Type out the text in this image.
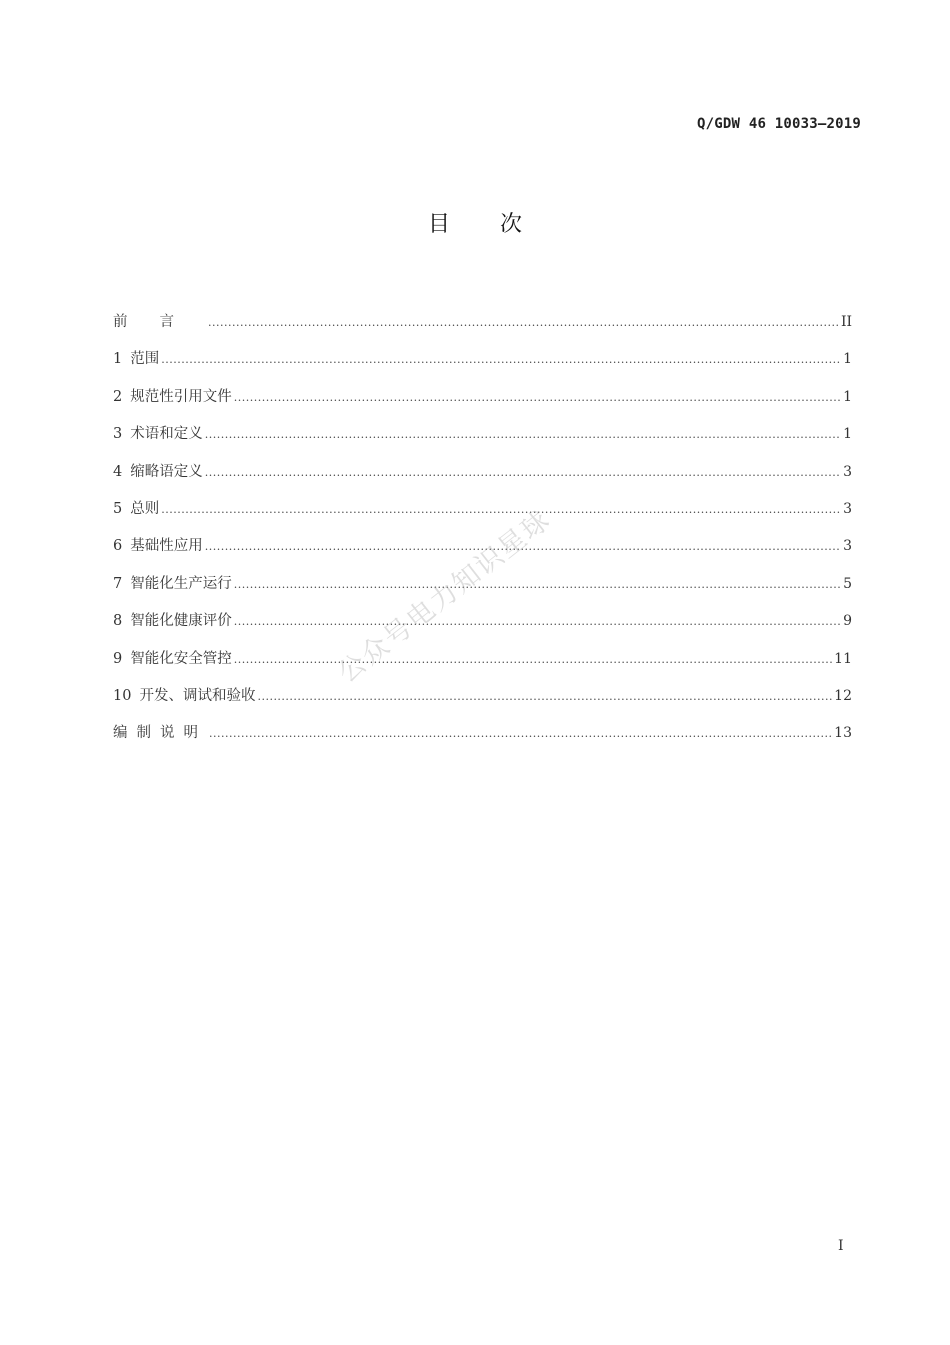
Q/GDW 46 10033—2019
目次
前言 .....	II
1 范围 .....	1
2 规范性引用文件 .....	1
3 术语和定义 .....	1
4 缩略语定义 .....	3
5 总则 .....	3
6 基础性应用 .....	3
7 智能化生产运行 .....	5
8 智能化健康评价 .....	9
9 智能化安全管控 .....	11
10 开发、调试和验收 .....	12
编制说明 .....	13
公众号电力知识星球
I
